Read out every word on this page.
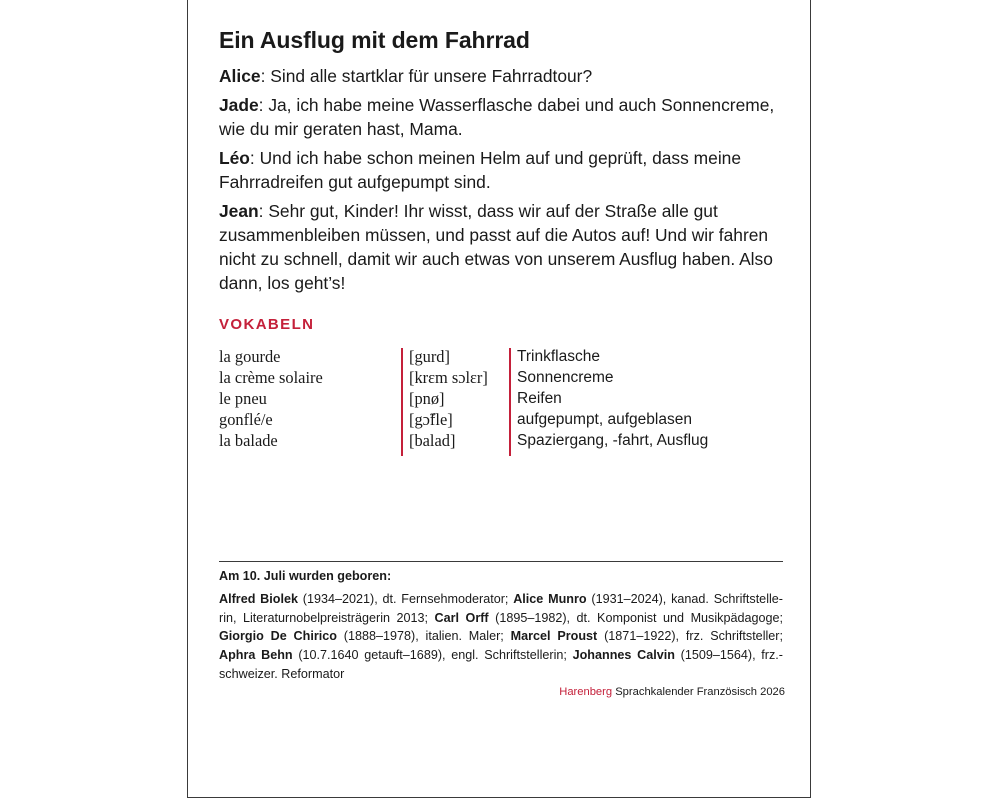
Ein Ausflug mit dem Fahrrad

Alice: Sind alle startklar für unsere Fahrradtour?

Jade: Ja, ich habe meine Wasserflasche dabei und auch Sonnencreme, wie du mir geraten hast, Mama.

Léo: Und ich habe schon meinen Helm auf und geprüft, dass meine Fahrradreifen gut aufgepumpt sind.

Jean: Sehr gut, Kinder! Ihr wisst, dass wir auf der Straße alle gut zusammenbleiben müssen, und passt auf die Autos auf! Und wir fahren nicht zu schnell, damit wir auch etwas von unserem Ausflug haben. Also dann, los geht’s!

VOKABELN
la gourde	[gurd]	Trinkflasche
la crème solaire	[krɛm sɔlɛr] Sonnencreme
le pneu	[pnø]	Reifen
gonflé/e	[gɔ̃fle]	aufgepumpt, aufgeblasen
la balade	[balad]	Spaziergang, -fahrt, Ausflug
Am 10. Juli wurden geboren:

Alfred Biolek (1934–2021), dt. Fernsehmoderator; Alice Munro (1931–2024), kanad. Schriftstellerin, Literaturnobelpreisträgerin 2013; Carl Orff (1895–1982), dt. Komponist und Musikpädagoge; Giorgio De Chirico (1888–1978), italien. Maler; Marcel Proust (1871–1922), frz. Schriftsteller; Aphra Behn (10.7.1640 getauft–1689), engl. Schriftstellerin; Johannes Calvin (1509–1564), frz.-schweizer. Reformator

Harenberg Sprachkalender Französisch 2026
